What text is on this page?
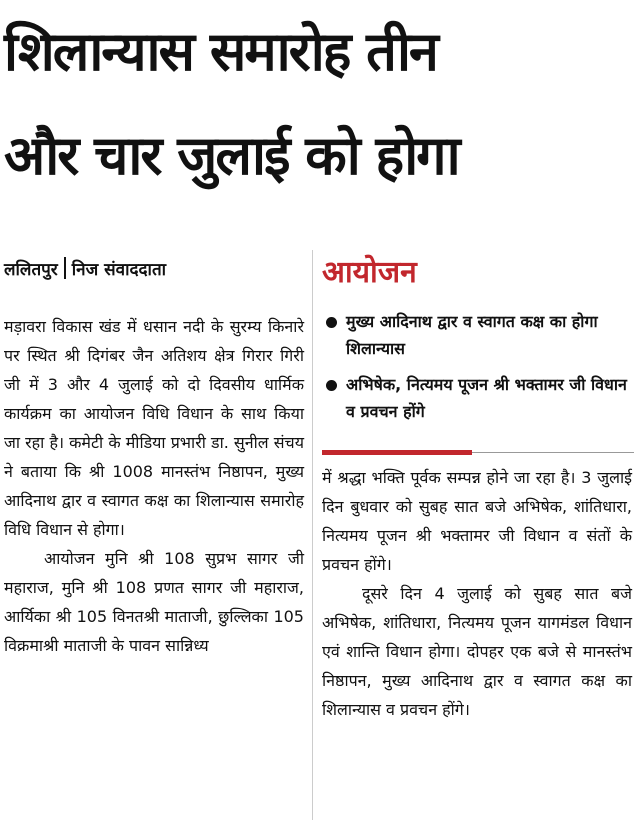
शिलान्यास समारोह तीन
और चार जुलाई को होगा
ललितपुर निज संवाददाता

मड़ावरा विकास खंड में धसान नदी के सुरम्य किनारे पर स्थित श्री दिगंबर जैन अतिशय क्षेत्र गिरार गिरी जी में 3 और 4 जुलाई को दो दिवसीय धार्मिक कार्यक्रम का आयोजन विधि विधान के साथ किया जा रहा है। कमेटी के मीडिया प्रभारी डा. सुनील संचय ने बताया कि श्री 1008 मानस्तंभ निष्ठापन, मुख्य आदिनाथ द्वार व स्वागत कक्ष का शिलान्यास समारोह विधि विधान से होगा।

आयोजन मुनि श्री 108 सुप्रभ सागर जी महाराज, मुनि श्री 108 प्रणत सागर जी महाराज, आर्यिका श्री 105 विनतश्री माताजी, छुल्लिका 105 विक्रमाश्री माताजी के पावन सान्निध्य

आयोजन
मुख्य आदिनाथ द्वार व स्वागत कक्ष का होगा शिलान्यास
अभिषेक, नित्यमय पूजन श्री भक्तामर जी विधान व प्रवचन होंगे

में श्रद्धा भक्ति पूर्वक सम्पन्न होने जा रहा है। 3 जुलाई दिन बुधवार को सुबह सात बजे अभिषेक, शांतिधारा, नित्यमय पूजन श्री भक्तामर जी विधान व संतों के प्रवचन होंगे।

दूसरे दिन 4 जुलाई को सुबह सात बजे अभिषेक, शांतिधारा, नित्यमय पूजन यागमंडल विधान एवं शान्ति विधान होगा। दोपहर एक बजे से मानस्तंभ निष्ठापन, मुख्य आदिनाथ द्वार व स्वागत कक्ष का शिलान्यास व प्रवचन होंगे।
